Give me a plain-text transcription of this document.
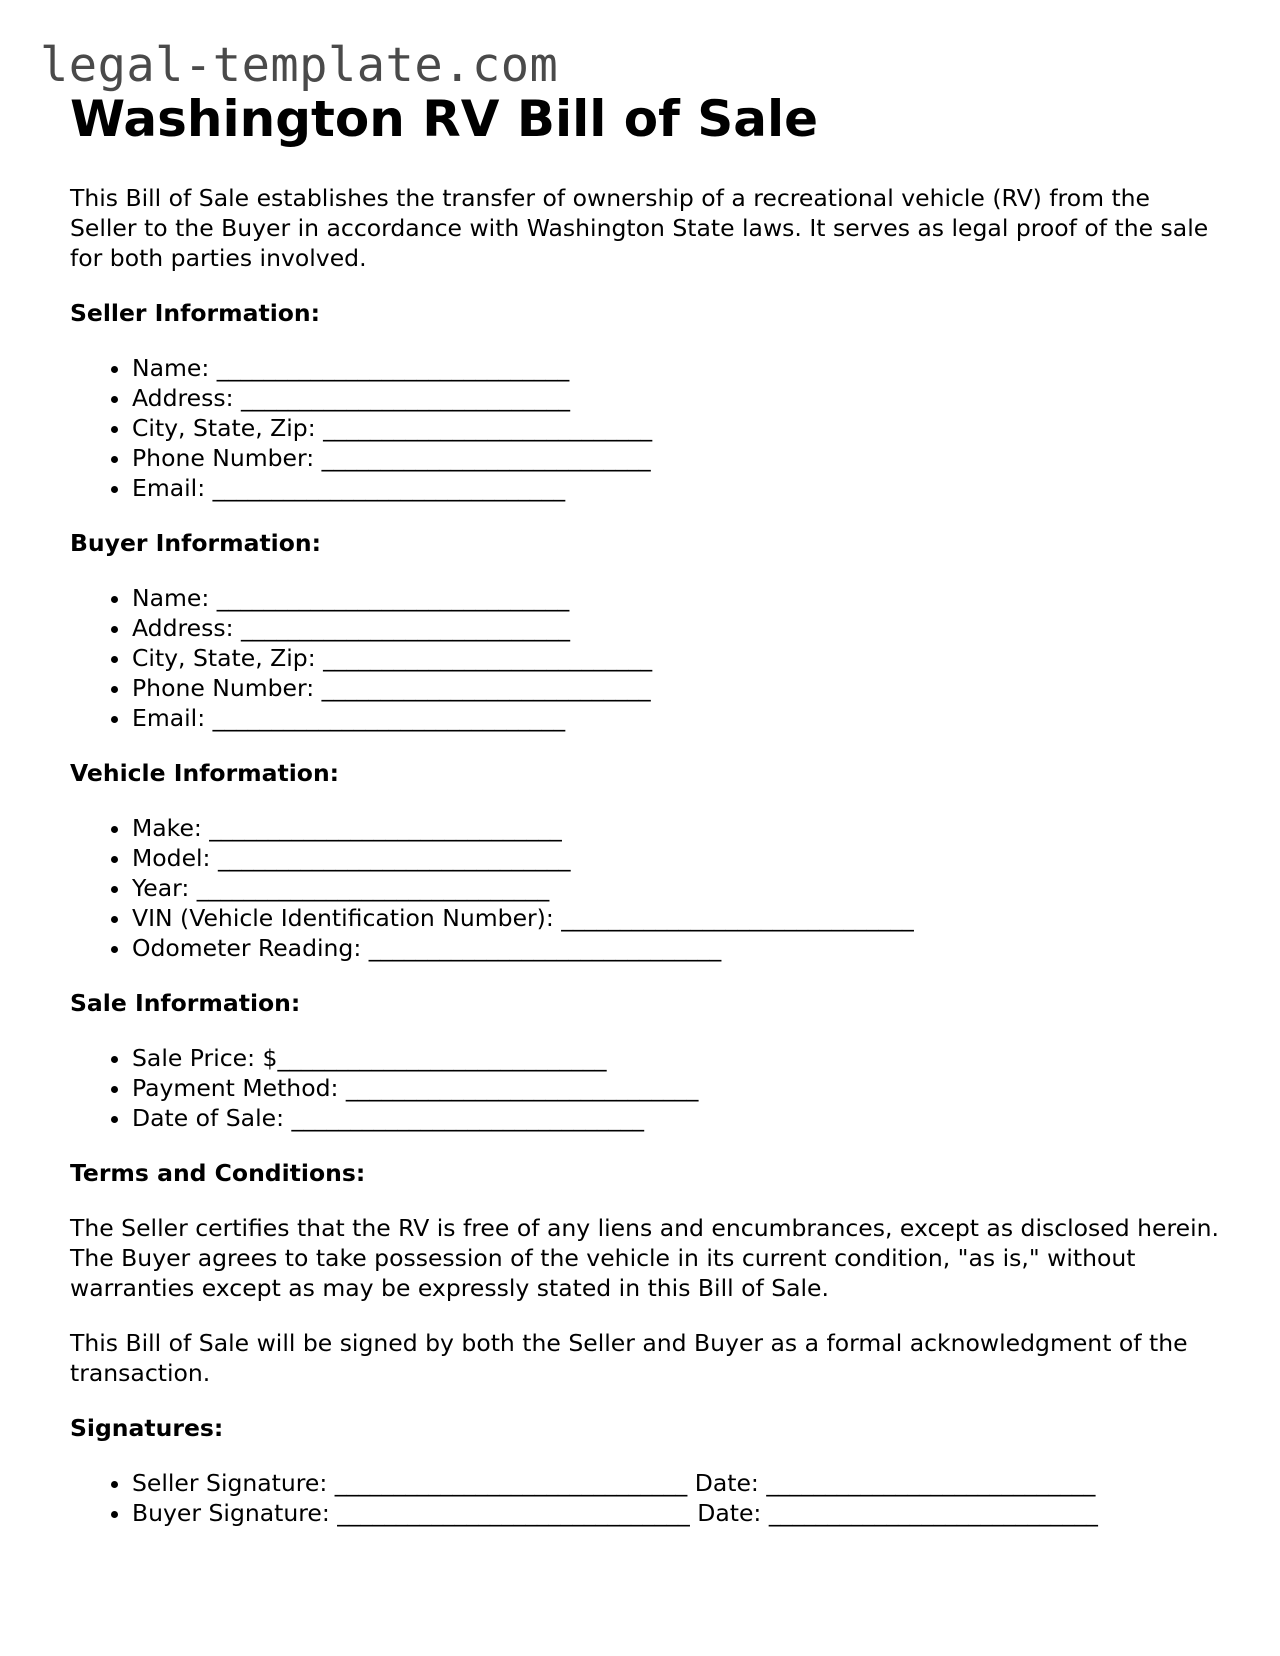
legal-template.com
Washington RV Bill of Sale

This Bill of Sale establishes the transfer of ownership of a recreational vehicle (RV) from the Seller to the Buyer in accordance with Washington State laws. It serves as legal proof of the sale for both parties involved.

Seller Information:
• Name: ______________________________
• Address: ____________________________
• City, State, Zip: ____________________________
• Phone Number: ____________________________
• Email: ______________________________
Buyer Information:
• Name: ______________________________
• Address: ____________________________
• City, State, Zip: ____________________________
• Phone Number: ____________________________
• Email: ______________________________
Vehicle Information:
• Make: ______________________________
• Model: ______________________________
• Year: ______________________________
• VIN (Vehicle Identification Number): ______________________________
• Odometer Reading: ______________________________
Sale Information:
• Sale Price: $____________________________
• Payment Method: ______________________________
• Date of Sale: ______________________________
Terms and Conditions:

The Seller certifies that the RV is free of any liens and encumbrances, except as disclosed herein. The Buyer agrees to take possession of the vehicle in its current condition, "as is," without warranties except as may be expressly stated in this Bill of Sale.

This Bill of Sale will be signed by both the Seller and Buyer as a formal acknowledgment of the transaction.

Signatures:
• Seller Signature: ______________________________ Date: ____________________________
• Buyer Signature: ______________________________ Date: ____________________________
